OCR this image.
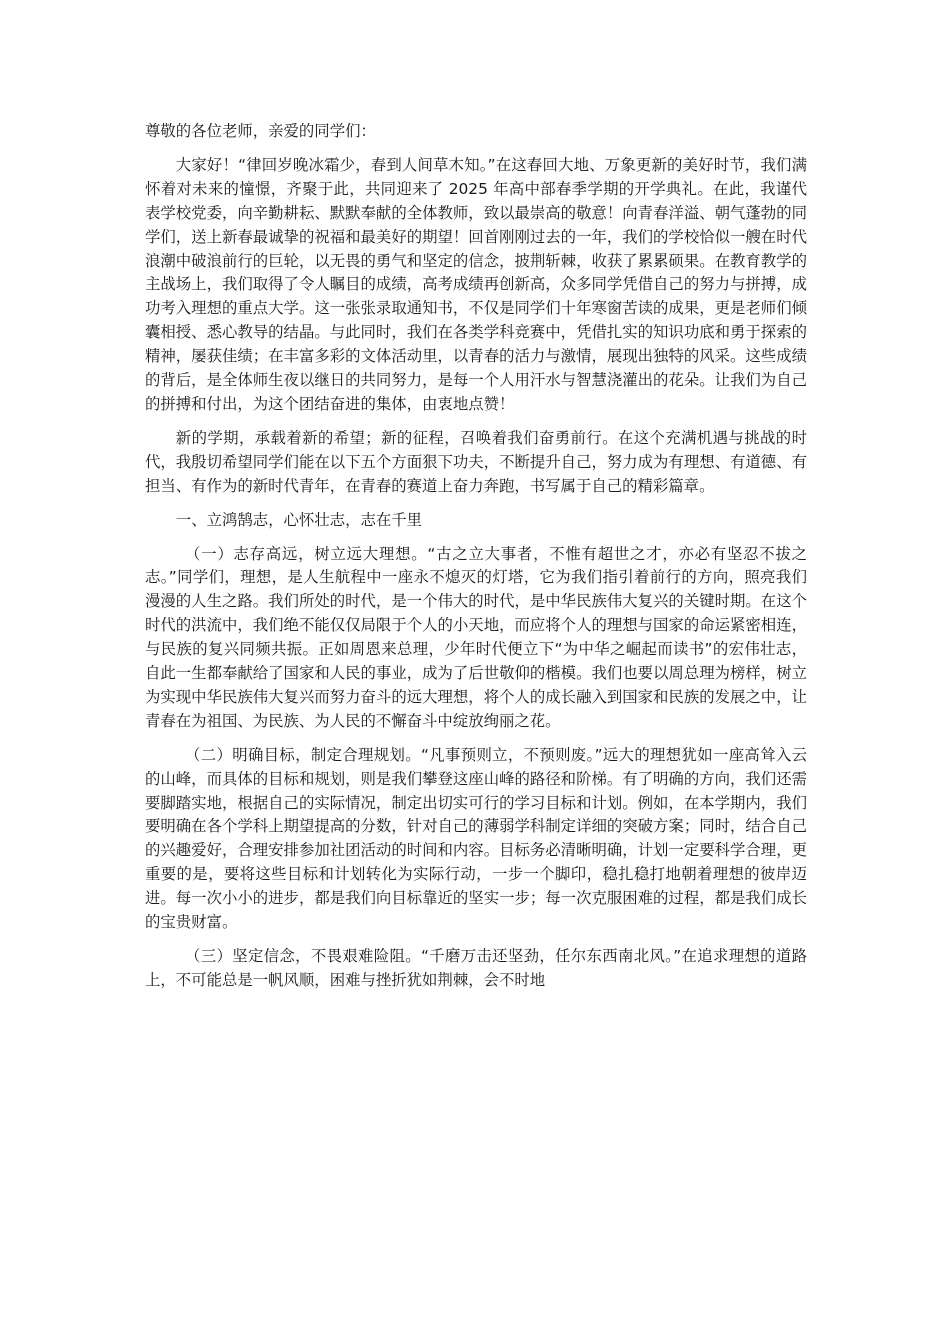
尊敬的各位老师，亲爱的同学们：

大家好！“律回岁晚冰霜少，春到人间草木知。”在这春回大地、万象更新的美好时节，我们满怀着对未来的憧憬，齐聚于此，共同迎来了 2025 年高中部春季学期的开学典礼。在此，我谨代表学校党委，向辛勤耕耘、默默奉献的全体教师，致以最崇高的敬意！向青春洋溢、朝气蓬勃的同学们，送上新春最诚挚的祝福和最美好的期望！回首刚刚过去的一年，我们的学校恰似一艘在时代浪潮中破浪前行的巨轮，以无畏的勇气和坚定的信念，披荆斩棘，收获了累累硕果。在教育教学的主战场上，我们取得了令人瞩目的成绩，高考成绩再创新高，众多同学凭借自己的努力与拼搏，成功考入理想的重点大学。这一张张录取通知书，不仅是同学们十年寒窗苦读的成果，更是老师们倾囊相授、悉心教导的结晶。与此同时，我们在各类学科竞赛中，凭借扎实的知识功底和勇于探索的精神，屡获佳绩；在丰富多彩的文体活动里，以青春的活力与激情，展现出独特的风采。这些成绩的背后，是全体师生夜以继日的共同努力，是每一个人用汗水与智慧浇灌出的花朵。让我们为自己的拼搏和付出，为这个团结奋进的集体，由衷地点赞！

新的学期，承载着新的希望；新的征程，召唤着我们奋勇前行。在这个充满机遇与挑战的时代，我殷切希望同学们能在以下五个方面狠下功夫，不断提升自己，努力成为有理想、有道德、有担当、有作为的新时代青年，在青春的赛道上奋力奔跑，书写属于自己的精彩篇章。

一、立鸿鹄志，心怀壮志，志在千里

（一）志存高远，树立远大理想。“古之立大事者，不惟有超世之才，亦必有坚忍不拔之志。”同学们，理想，是人生航程中一座永不熄灭的灯塔，它为我们指引着前行的方向，照亮我们漫漫的人生之路。我们所处的时代，是一个伟大的时代，是中华民族伟大复兴的关键时期。在这个时代的洪流中，我们绝不能仅仅局限于个人的小天地，而应将个人的理想与国家的命运紧密相连，与民族的复兴同频共振。正如周恩来总理，少年时代便立下“为中华之崛起而读书”的宏伟壮志，自此一生都奉献给了国家和人民的事业，成为了后世敬仰的楷模。我们也要以周总理为榜样，树立为实现中华民族伟大复兴而努力奋斗的远大理想，将个人的成长融入到国家和民族的发展之中，让青春在为祖国、为民族、为人民的不懈奋斗中绽放绚丽之花。

（二）明确目标，制定合理规划。“凡事预则立，不预则废。”远大的理想犹如一座高耸入云的山峰，而具体的目标和规划，则是我们攀登这座山峰的路径和阶梯。有了明确的方向，我们还需要脚踏实地，根据自己的实际情况，制定出切实可行的学习目标和计划。例如，在本学期内，我们要明确在各个学科上期望提高的分数，针对自己的薄弱学科制定详细的突破方案；同时，结合自己的兴趣爱好，合理安排参加社团活动的时间和内容。目标务必清晰明确，计划一定要科学合理，更重要的是，要将这些目标和计划转化为实际行动，一步一个脚印，稳扎稳打地朝着理想的彼岸迈进。每一次小小的进步，都是我们向目标靠近的坚实一步；每一次克服困难的过程，都是我们成长的宝贵财富。

（三）坚定信念，不畏艰难险阻。“千磨万击还坚劲，任尔东西南北风。”在追求理想的道路上，不可能总是一帆风顺，困难与挫折犹如荆棘，会不时地
